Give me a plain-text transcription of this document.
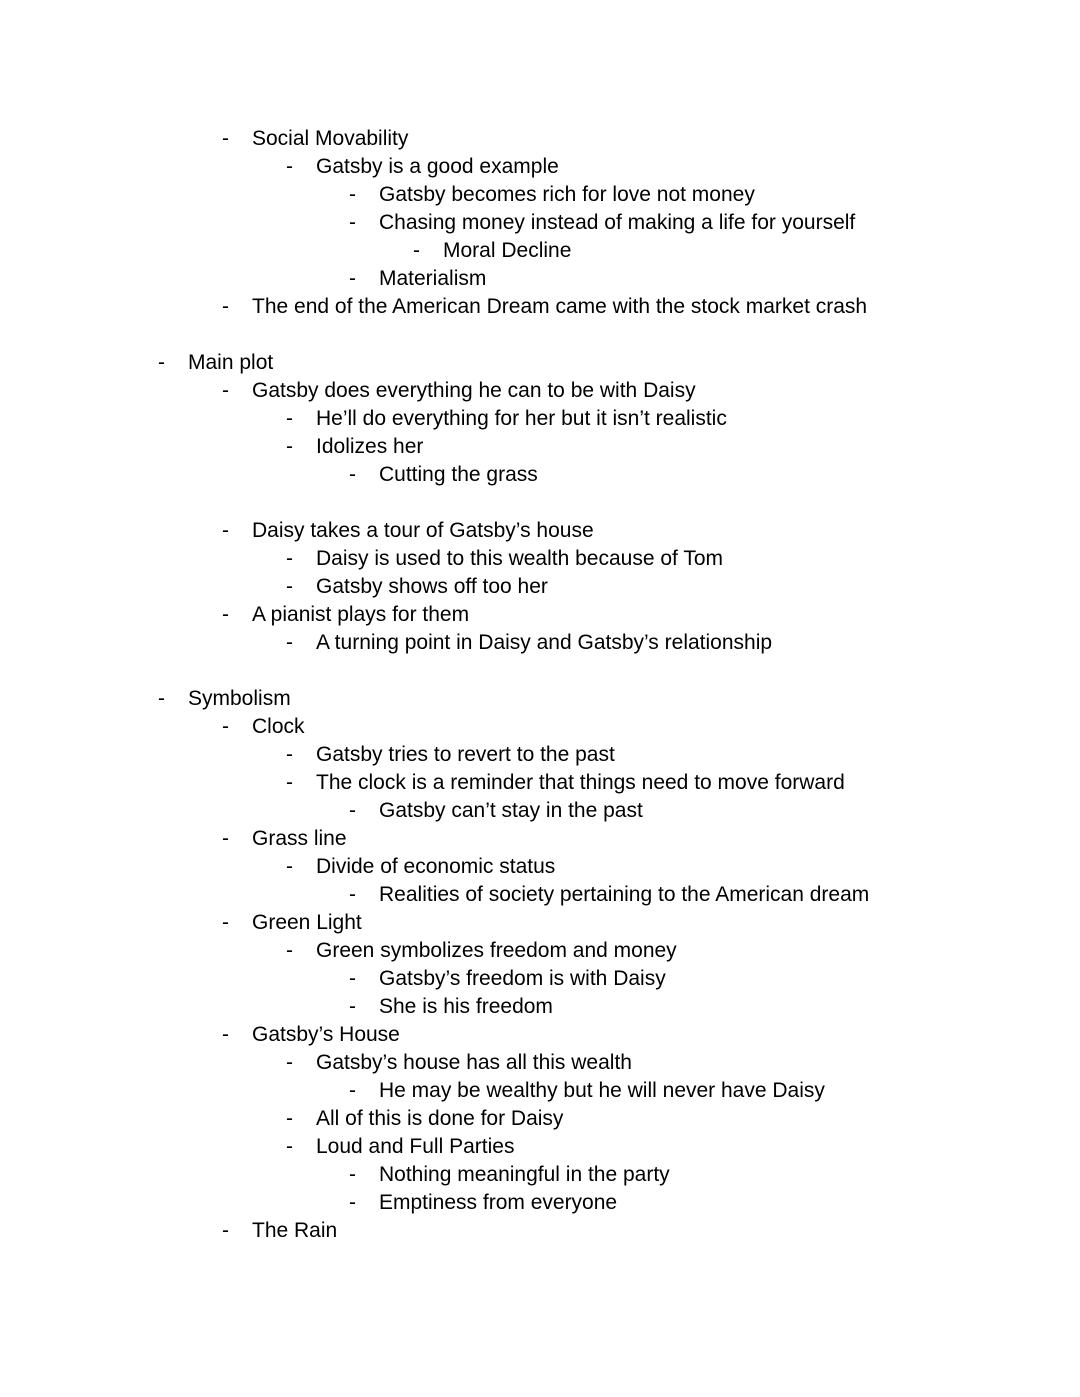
- Social Movability
- Gatsby is a good example
- Gatsby becomes rich for love not money
- Chasing money instead of making a life for yourself
- Moral Decline
- Materialism
- The end of the American Dream came with the stock market crash
- Main plot
- Gatsby does everything he can to be with Daisy
- He’ll do everything for her but it isn’t realistic
- Idolizes her
- Cutting the grass
- Daisy takes a tour of Gatsby’s house
- Daisy is used to this wealth because of Tom
- Gatsby shows off too her
- A pianist plays for them
- A turning point in Daisy and Gatsby’s relationship
- Symbolism
- Clock
- Gatsby tries to revert to the past
- The clock is a reminder that things need to move forward
- Gatsby can’t stay in the past
- Grass line
- Divide of economic status
- Realities of society pertaining to the American dream
- Green Light
- Green symbolizes freedom and money
- Gatsby’s freedom is with Daisy
- She is his freedom
- Gatsby’s House
- Gatsby’s house has all this wealth
- He may be wealthy but he will never have Daisy
- All of this is done for Daisy
- Loud and Full Parties
- Nothing meaningful in the party
- Emptiness from everyone
- The Rain
